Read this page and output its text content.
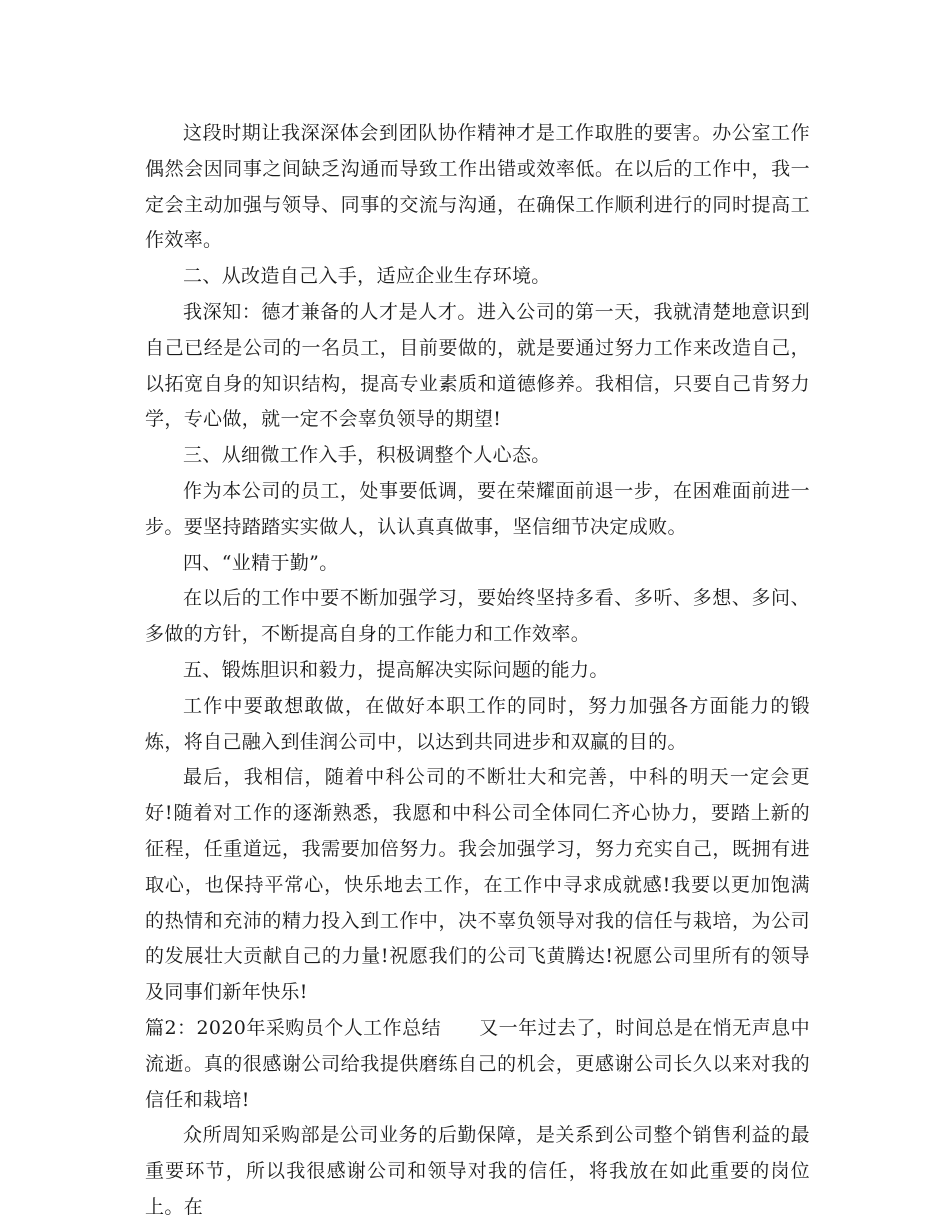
这段时期让我深深体会到团队协作精神才是工作取胜的要害。办公室工作偶然会因同事之间缺乏沟通而导致工作出错或效率低。在以后的工作中，我一定会主动加强与领导、同事的交流与沟通，在确保工作顺利进行的同时提高工作效率。

二、从改造自己入手，适应企业生存环境。

我深知：德才兼备的人才是人才。进入公司的第一天，我就清楚地意识到自己已经是公司的一名员工，目前要做的，就是要通过努力工作来改造自己，以拓宽自身的知识结构，提高专业素质和道德修养。我相信，只要自己肯努力学，专心做，就一定不会辜负领导的期望!

三、从细微工作入手，积极调整个人心态。

作为本公司的员工，处事要低调，要在荣耀面前退一步，在困难面前进一步。要坚持踏踏实实做人，认认真真做事，坚信细节决定成败。

四、“业精于勤”。

在以后的工作中要不断加强学习，要始终坚持多看、多听、多想、多问、多做的方针，不断提高自身的工作能力和工作效率。

五、锻炼胆识和毅力，提高解决实际问题的能力。

工作中要敢想敢做，在做好本职工作的同时，努力加强各方面能力的锻炼，将自己融入到佳润公司中，以达到共同进步和双赢的目的。

最后，我相信，随着中科公司的不断壮大和完善，中科的明天一定会更好!随着对工作的逐渐熟悉，我愿和中科公司全体同仁齐心协力，要踏上新的征程，任重道远，我需要加倍努力。我会加强学习，努力充实自己，既拥有进取心，也保持平常心，快乐地去工作，在工作中寻求成就感!我要以更加饱满的热情和充沛的精力投入到工作中，决不辜负领导对我的信任与栽培，为公司的发展壮大贡献自己的力量!祝愿我们的公司飞黄腾达!祝愿公司里所有的领导及同事们新年快乐!

篇2：2020年采购员个人工作总结 又一年过去了，时间总是在悄无声息中流逝。真的很感谢公司给我提供磨练自己的机会，更感谢公司长久以来对我的信任和栽培!

众所周知采购部是公司业务的后勤保障，是关系到公司整个销售利益的最重要环节，所以我很感谢公司和领导对我的信任，将我放在如此重要的岗位上。在
